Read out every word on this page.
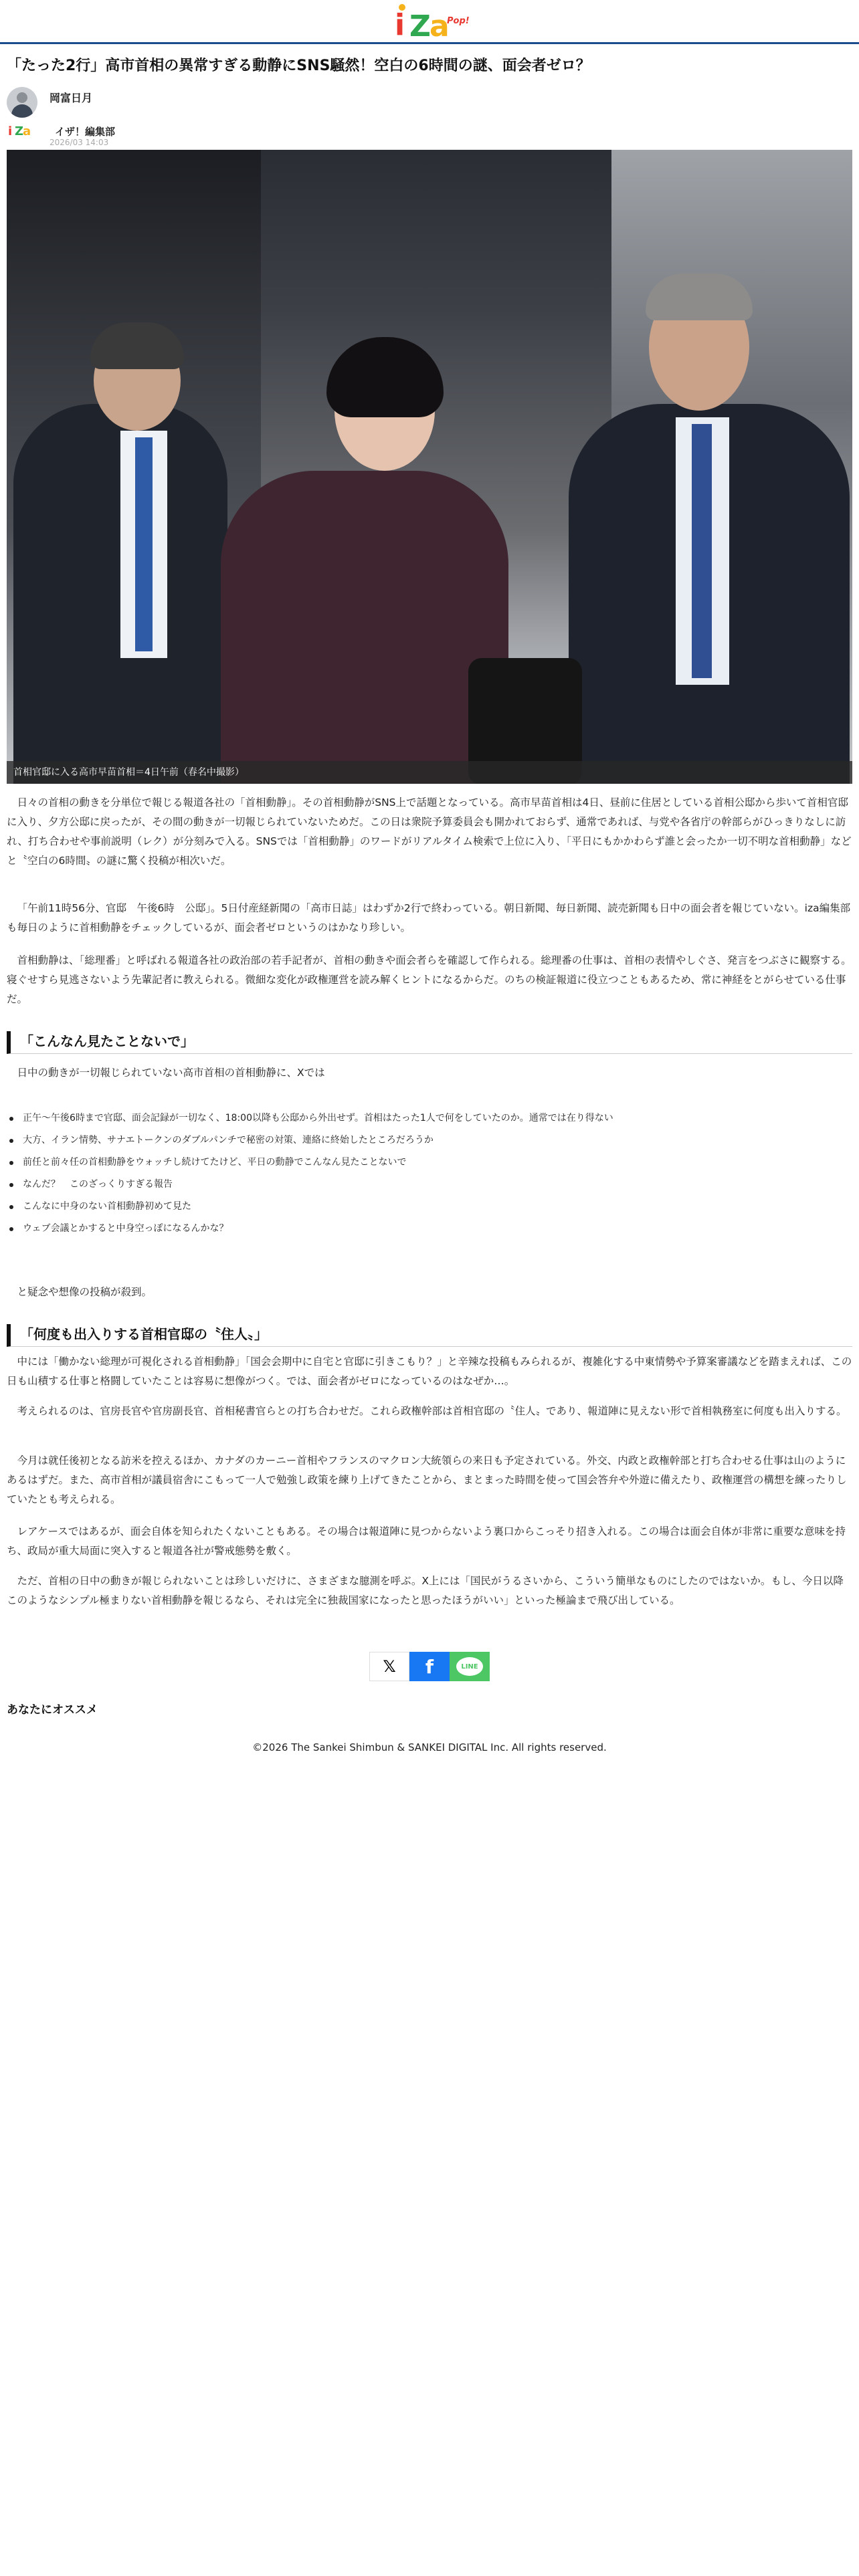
i Z
a
Pop!
「たった2行」高市首相の異常すぎる動静にSNS騒然！空白の6時間の謎、面会者ゼロ？
岡富日月
i Z
a イザ！編集部
2026/03 14:03
首相官邸に入る高市早苗首相＝4日午前（春名中撮影）

日々の首相の動きを分単位で報じる報道各社の「首相動静」。その首相動静がSNS上で話題となっている。高市早苗首相は4日、昼前に住居としている首相公邸から歩いて首相官邸に入り、夕方公邸に戻ったが、その間の動きが一切報じられていないためだ。この日は衆院予算委員会も開かれておらず、通常であれば、与党や各省庁の幹部らがひっきりなしに訪れ、打ち合わせや事前説明（レク）が分刻みで入る。SNSでは「首相動静」のワードがリアルタイム検索で上位に入り、「平日にもかかわらず誰と会ったか一切不明な首相動静」などと〝空白の6時間〟の謎に驚く投稿が相次いだ。

「午前11時56分、官邸　午後6時　公邸」。5日付産経新聞の「高市日誌」はわずか2行で終わっている。朝日新聞、毎日新聞、読売新聞も日中の面会者を報じていない。iza編集部も毎日のように首相動静をチェックしているが、面会者ゼロというのはかなり珍しい。

首相動静は、「総理番」と呼ばれる報道各社の政治部の若手記者が、首相の動きや面会者らを確認して作られる。総理番の仕事は、首相の表情やしぐさ、発言をつぶさに観察する。寝ぐせすら見逃さないよう先輩記者に教えられる。微細な変化が政権運営を読み解くヒントになるからだ。のちの検証報道に役立つこともあるため、常に神経をとがらせている仕事だ。

「こんなん見たことないで」

日中の動きが一切報じられていない高市首相の首相動静に、Xでは

正午〜午後6時まで官邸、面会記録が一切なく、18:00以降も公邸から外出せず。首相はたった1人で何をしていたのか。通常では在り得ない
大方、イラン情勢、サナエトークンのダブルパンチで秘密の対策、連絡に終始したところだろうか
前任と前々任の首相動静をウォッチし続けてたけど、平日の動静でこんなん見たことないで
なんだ？　このざっくりすぎる報告
こんなに中身のない首相動静初めて見た
ウェブ会議とかすると中身空っぽになるんかな？

と疑念や想像の投稿が殺到。

「何度も出入りする首相官邸の〝住人〟」

中には「働かない総理が可視化される首相動静」「国会会期中に自宅と官邸に引きこもり？」と辛辣な投稿もみられるが、複雑化する中東情勢や予算案審議などを踏まえれば、この日も山積する仕事と格闘していたことは容易に想像がつく。では、面会者がゼロになっているのはなぜか…。

考えられるのは、官房長官や官房副長官、首相秘書官らとの打ち合わせだ。これら政権幹部は首相官邸の〝住人〟であり、報道陣に見えない形で首相執務室に何度も出入りする。

今月は就任後初となる訪米を控えるほか、カナダのカーニー首相やフランスのマクロン大統領らの来日も予定されている。外交、内政と政権幹部と打ち合わせる仕事は山のようにあるはずだ。また、高市首相が議員宿舎にこもって一人で勉強し政策を練り上げてきたことから、まとまった時間を使って国会答弁や外遊に備えたり、政権運営の構想を練ったりしていたとも考えられる。

レアケースではあるが、面会自体を知られたくないこともある。その場合は報道陣に見つからないよう裏口からこっそり招き入れる。この場合は面会自体が非常に重要な意味を持ち、政局が重大局面に突入すると報道各社が警戒態勢を敷く。

ただ、首相の日中の動きが報じられないことは珍しいだけに、さまざまな臆測を呼ぶ。X上には「国民がうるさいから、こういう簡単なものにしたのではないか。もし、今日以降このようなシンプル極まりない首相動静を報じるなら、それは完全に独裁国家になったと思ったほうがいい」といった極論まで飛び出している。

𝕏 f	LINE
あなたにオススメ
©2026 The Sankei Shimbun & SANKEI DIGITAL Inc. All rights reserved.
